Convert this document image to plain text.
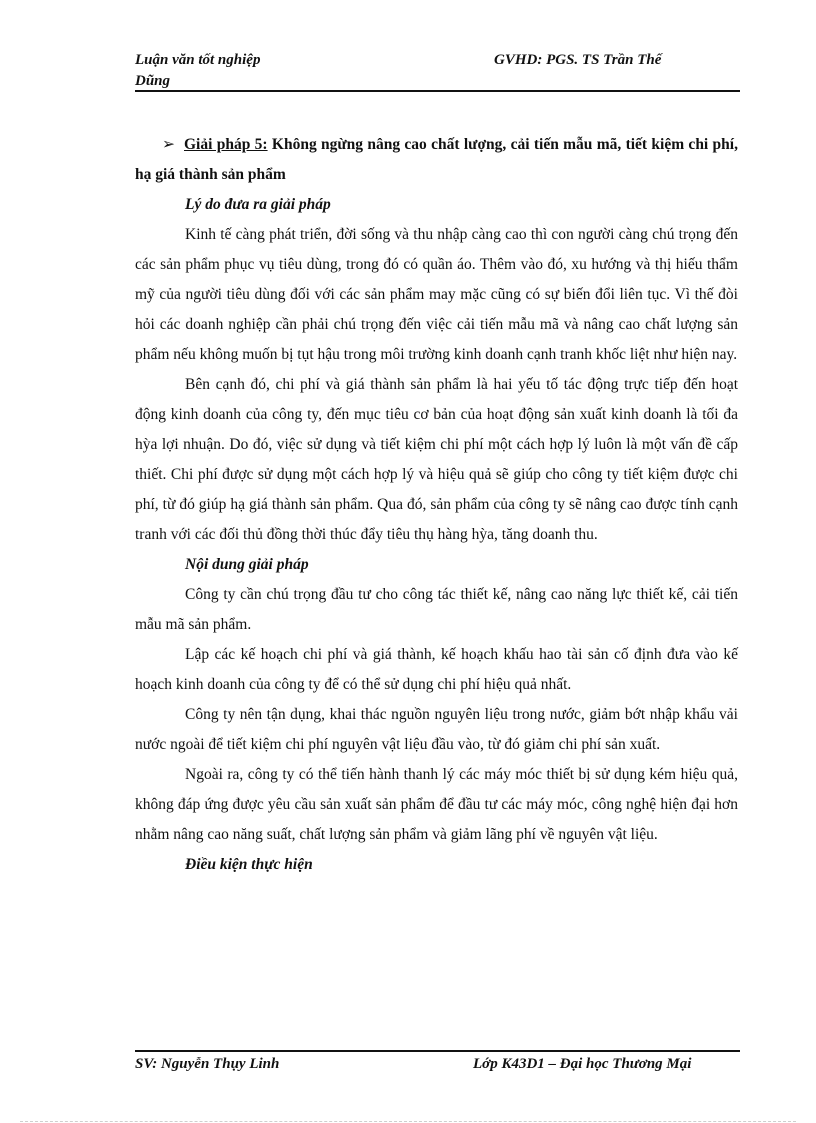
Luận văn tốt nghiệp
Dũng
GVHD: PGS. TS Trần Thế
➢ Giải pháp 5: Không ngừng nâng cao chất lượng, cải tiến mẫu mã, tiết kiệm chi phí, hạ giá thành sản phẩm
Lý do đưa ra giải pháp

Kinh tế càng phát triển, đời sống và thu nhập càng cao thì con người càng chú trọng đến các sản phẩm phục vụ tiêu dùng, trong đó có quần áo. Thêm vào đó, xu hướng và thị hiếu thẩm mỹ của người tiêu dùng đối với các sản phẩm may mặc cũng có sự biến đổi liên tục. Vì thế đòi hỏi các doanh nghiệp cần phải chú trọng đến việc cải tiến mẫu mã và nâng cao chất lượng sản phẩm nếu không muốn bị tụt hậu trong môi trường kinh doanh cạnh tranh khốc liệt như hiện nay.

Bên cạnh đó, chi phí và giá thành sản phẩm là hai yếu tố tác động trực tiếp đến hoạt động kinh doanh của công ty, đến mục tiêu cơ bản của hoạt động sản xuất kinh doanh là tối đa hỳa lợi nhuận. Do đó, việc sử dụng và tiết kiệm chi phí một cách hợp lý luôn là một vấn đề cấp thiết. Chi phí được sử dụng một cách hợp lý và hiệu quả sẽ giúp cho công ty tiết kiệm được chi phí, từ đó giúp hạ giá thành sản phẩm. Qua đó, sản phẩm của công ty sẽ nâng cao được tính cạnh tranh với các đối thủ đồng thời thúc đẩy tiêu thụ hàng hỳa, tăng doanh thu.

Nội dung giải pháp

Công ty cần chú trọng đầu tư cho công tác thiết kế, nâng cao năng lực thiết kế, cải tiến mẫu mã sản phẩm.

Lập các kế hoạch chi phí và giá thành, kế hoạch khấu hao tài sản cố định đưa vào kế hoạch kinh doanh của công ty để có thể sử dụng chi phí hiệu quả nhất.

Công ty nên tận dụng, khai thác nguồn nguyên liệu trong nước, giảm bớt nhập khẩu vải nước ngoài để tiết kiệm chi phí nguyên vật liệu đầu vào, từ đó giảm chi phí sản xuất.

Ngoài ra, công ty có thể tiến hành thanh lý các máy móc thiết bị sử dụng kém hiệu quả, không đáp ứng được yêu cầu sản xuất sản phẩm để đầu tư các máy móc, công nghệ hiện đại hơn nhằm nâng cao năng suất, chất lượng sản phẩm và giảm lãng phí về nguyên vật liệu.

Điều kiện thực hiện
SV: Nguyễn Thụy Linh	Lớp K43D1 – Đại học Thương Mại
